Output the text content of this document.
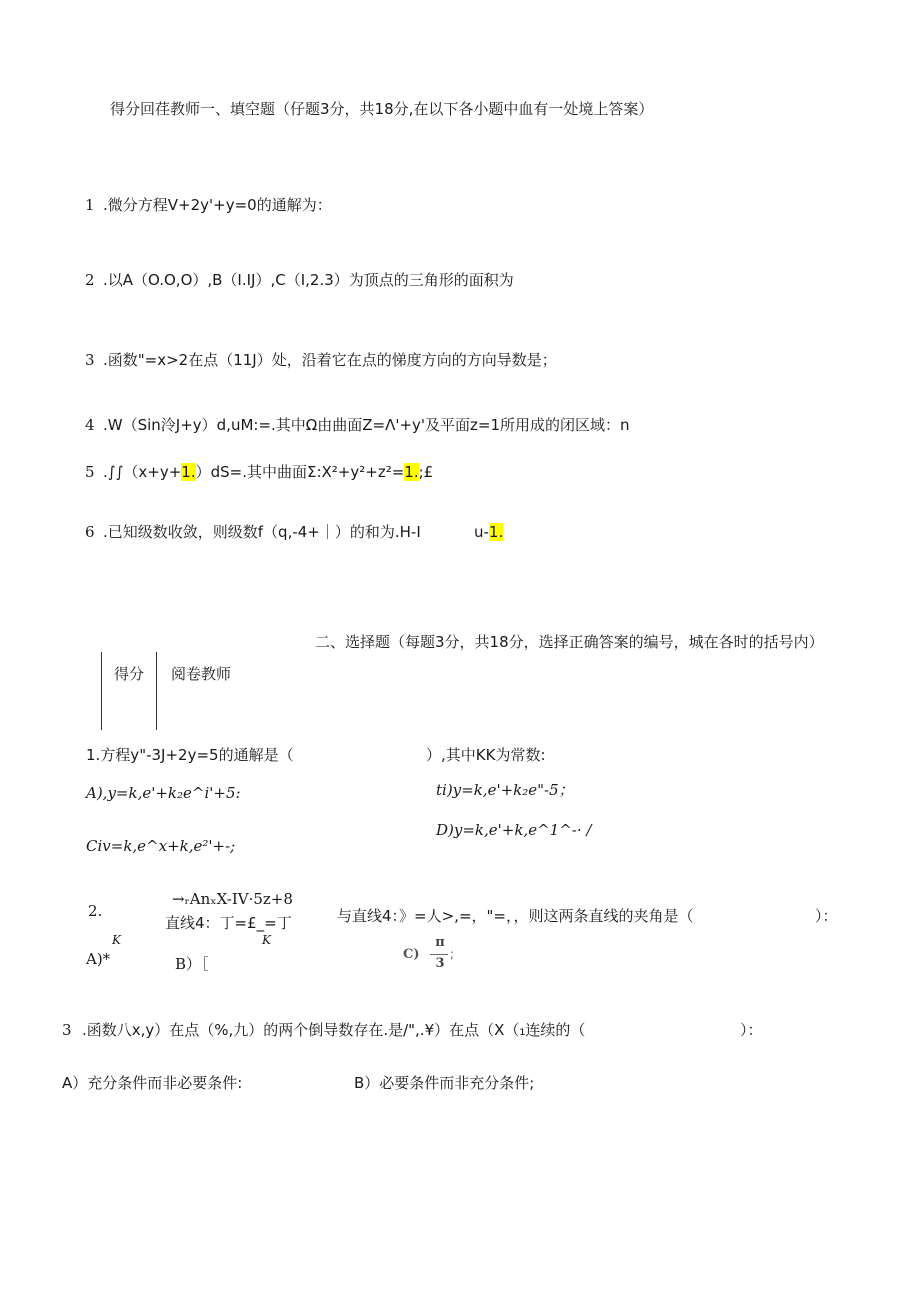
得分回荏教师一、填空题（仔题3分，共18分,在以下各小题中血有一处境上答案）
1 .微分方程V+2y'+y=0的通解为：
2 .以A（O.O,O）,B（I.IJ）,C（I,2.3）为顶点的三角形的面积为
3 .函数"=x>2在点（11J）处，沿着它在点的悌度方向的方向导数是；
4 .W（Sin泠J+y）d,uM:=.其中Ω由曲面Z=Λ'+y'及平面z=1所用成的闭区域：n
5 .∫∫（x+y+1.）dS=.其中曲面Σ:X²+y²+z²=1.;£
6 .已知级数收敛，则级数f（q,-4+｜）的和为.H-I	u-1.
二、选择题（每题3分，共18分，选择正确答案的编号，城在各时的括号内）
得分 阅卷教师
1.方程y"-3J+2y=5的通解是（	）,其中KK为常数:
A),y=k,e'+k₂e^i'+5:	ti)y=k,e'+k₂e"-5；
D)y=k,e'+k,e^1^-· /
Civ=k,e^x+k,e²'+-;
2.
→ᵣAnₓX-IV·5z+8
直线4：丁=£_=丁
K	K
与直线4：》=人>,=，"=，，则这两条直线的夹角是（	）：
A)*	B）［
C)
π
3
;
3 .函数八x,y）在点（%,九）的两个倒导数存在.是/",.¥）在点（X（₁连续的（	）：
A）充分条件而非必要条件:	B）必要条件而非充分条件;
